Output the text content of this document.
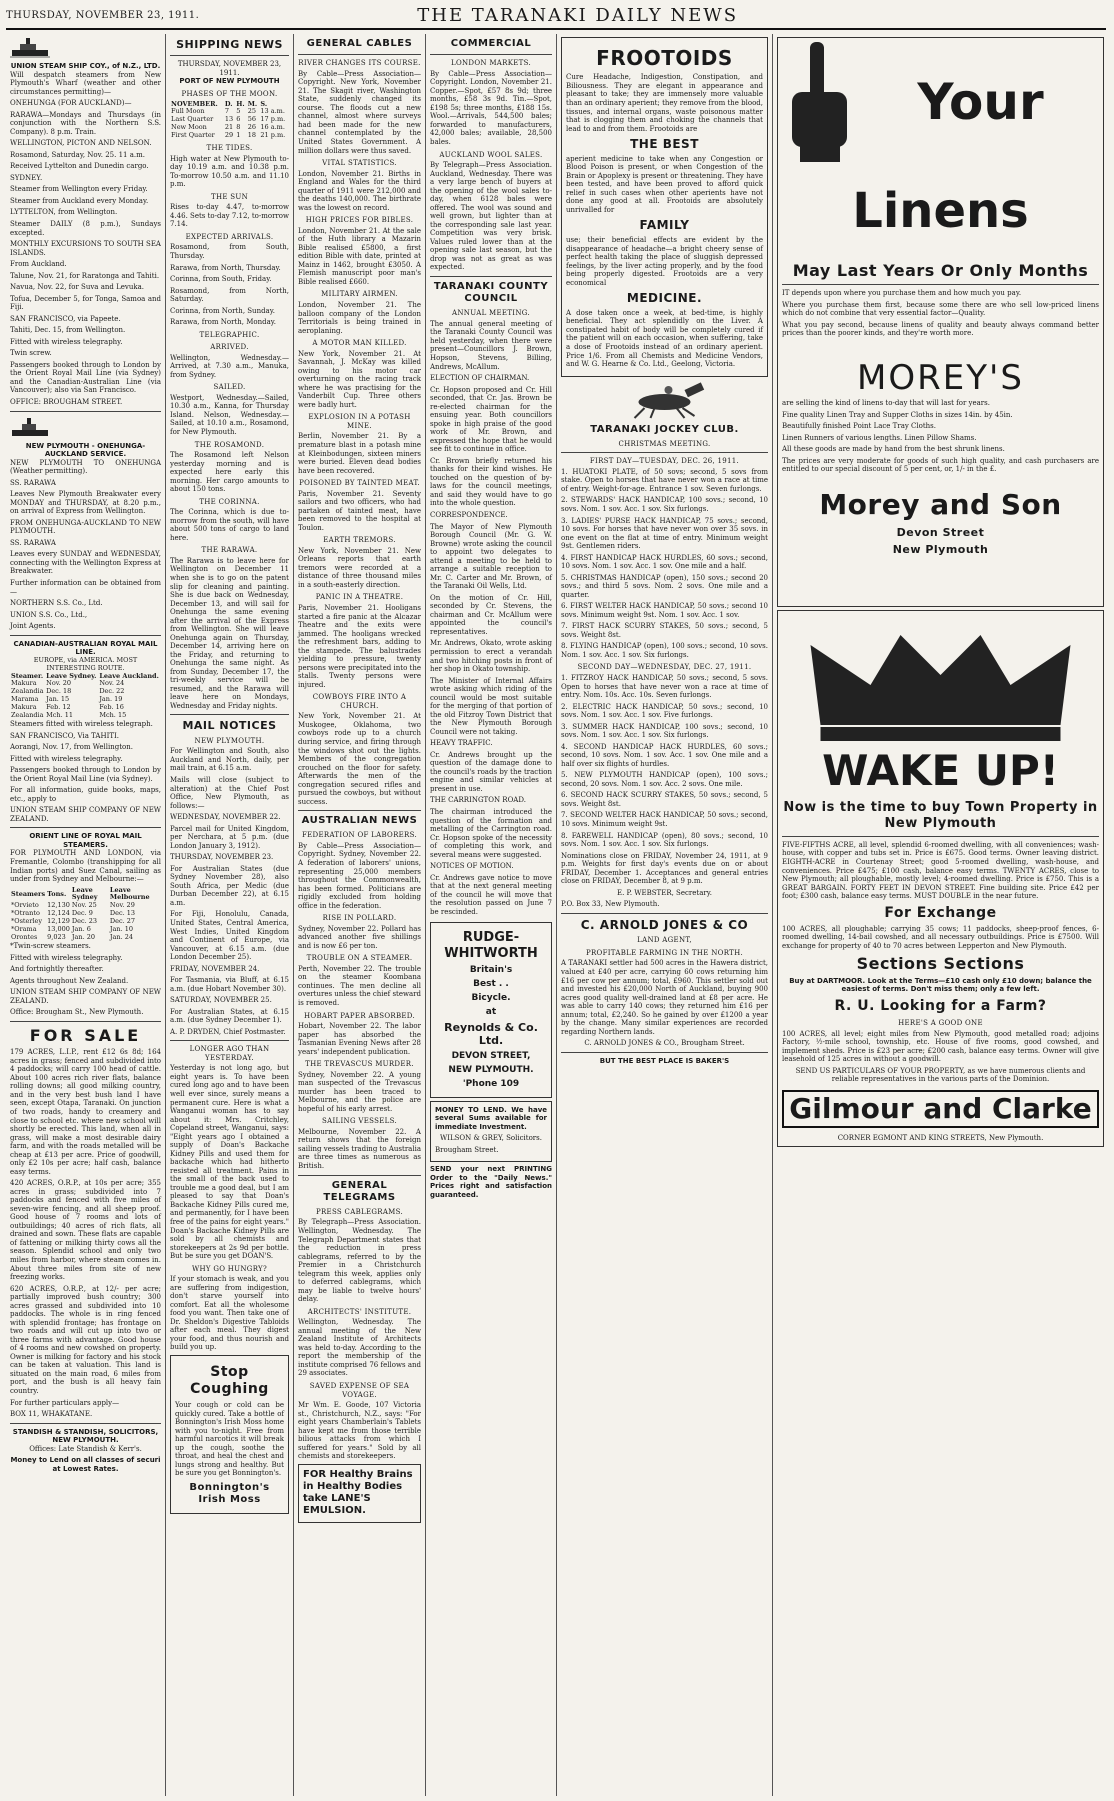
THURSDAY, NOVEMBER 23, 1911.	THE TARANAKI DAILY NEWS
UNION STEAM SHIP COY., of N.Z., LTD.

Will despatch steamers from New Plymouth's Wharf (weather and other circumstances permitting)—

ONEHUNGA (FOR AUCKLAND)—

RARAWA—Mondays and Thursdays (in conjunction with the Northern S.S. Company). 8 p.m. Train.

WELLINGTON, PICTON AND NELSON.

Rosamond, Saturday, Nov. 25. 11 a.m.

Received Lyttelton and Dunedin cargo.

SYDNEY.

Steamer from Wellington every Friday.

Steamer from Auckland every Monday.

LYTTELTON, from Wellington.

Steamer DAILY (8 p.m.), Sundays excepted.

MONTHLY EXCURSIONS TO SOUTH SEA ISLANDS.

From Auckland.

Talune, Nov. 21, for Raratonga and Tahiti.

Navua, Nov. 22, for Suva and Levuka.

Tofua, December 5, for Tonga, Samoa and Fiji.

SAN FRANCISCO, via Papeete.

Tahiti, Dec. 15, from Wellington.

Fitted with wireless telegraphy.

Twin screw.

Passengers booked through to London by the Orient Royal Mail Line (via Sydney) and the Canadian-Australian Line (via Vancouver); also via San Francisco.

OFFICE: BROUGHAM STREET.

NEW PLYMOUTH - ONEHUNGA-AUCKLAND SERVICE.

NEW PLYMOUTH TO ONEHUNGA (Weather permitting).

SS. RARAWA

Leaves New Plymouth Breakwater every MONDAY and THURSDAY, at 8.20 p.m., on arrival of Express from Wellington.

FROM ONEHUNGA-AUCKLAND TO NEW PLYMOUTH.

SS. RARAWA

Leaves every SUNDAY and WEDNESDAY, connecting with the Wellington Express at Breakwater.

Further information can be obtained from—

NORTHERN S.S. Co., Ltd.

UNION S.S. Co., Ltd.,

Joint Agents.

CANADIAN-AUSTRALIAN ROYAL MAIL LINE.
EUROPE, via AMERICA. MOST INTERESTING ROUTE.
Steamer.	Leave Sydney.	Leave Auckland.
Makura	Nov. 20	Nov. 24
Zealandia	Dec. 18	Dec. 22
Marama	Jan. 15	Jan. 19
Makura	Feb. 12	Feb. 16
Zealandia	Mch. 11	Mch. 15

Steamers fitted with wireless telegraph.

SAN FRANCISCO, Via TAHITI.

Aorangi, Nov. 17, from Wellington.

Fitted with wireless telegraphy.

Passengers booked through to London by the Orient Royal Mail Line (via Sydney).

For all information, guide books, maps, etc., apply to

UNION STEAM SHIP COMPANY OF NEW ZEALAND.

ORIENT LINE OF ROYAL MAIL STEAMERS.

FOR PLYMOUTH AND LONDON, via Fremantle, Colombo (transhipping for all Indian ports) and Suez Canal, sailing as under from Sydney and Melbourne:—

Steamers	Tons.	Leave Sydney	Leave Melbourne
*Orvieto	12,130	Nov. 25	Nov. 29
*Otranto	12,124	Dec. 9	Dec. 13
*Osterley	12,129	Dec. 23	Dec. 27
*Orama	13,000	Jan. 6	Jan. 10
Orontes	9,023	Jan. 20	Jan. 24

*Twin-screw steamers.

Fitted with wireless telegraphy.

And fortnightly thereafter.

Agents throughout New Zealand.

UNION STEAM SHIP COMPANY OF NEW ZEALAND.

Office: Brougham St., New Plymouth.

FOR SALE

179 ACRES, L.I.P., rent £12 6s 8d; 164 acres in grass; fenced and subdivided into 4 paddocks; will carry 100 head of cattle. About 100 acres rich river flats, balance rolling downs; all good milking country, and in the very best bush land I have seen, except Otapa, Taranaki. On junction of two roads, handy to creamery and close to school etc. where new school will shortly be erected. This land, when all in grass, will make a most desirable dairy farm, and with the roads metalled will be cheap at £13 per acre. Price of goodwill, only £2 10s per acre; half cash, balance easy terms.

420 ACRES, O.R.P., at 10s per acre; 355 acres in grass; subdivided into 7 paddocks and fenced with five miles of seven-wire fencing, and all sheep proof. Good house of 7 rooms and lots of outbuildings; 40 acres of rich flats, all drained and sown. These flats are capable of fattening or milking thirty cows all the season. Splendid school and only two miles from harbor, where steam comes in. About three miles from site of new freezing works.

620 ACRES, O.R.P., at 12/- per acre; partially improved bush country; 300 acres grassed and subdivided into 10 paddocks. The whole is in ring fenced with splendid frontage; has frontage on two roads and will cut up into two or three farms with advantage. Good house of 4 rooms and new cowshed on property. Owner is milking for factory and his stock can be taken at valuation. This land is situated on the main road, 6 miles from port, and the bush is all heavy fain country.

For further particulars apply—

BOX 11, WHAKATANE.

STANDISH & STANDISH, SOLICITORS, NEW PLYMOUTH.

Offices: Late Standish & Kerr's.

Money to Lend on all classes of securi at Lowest Rates.

SHIPPING NEWS
THURSDAY, NOVEMBER 23, 1911.
PORT OF NEW PLYMOUTH
PHASES OF THE MOON.
NOVEMBER.	D.	H.	M.	S.
Full Moon	7	5	25	13 a.m.
Last Quarter	13	6	56	17 p.m.
New Moon	21	8	26	16 a.m.
First Quarter	29	1	18	21 p.m.
THE TIDES.

High water at New Plymouth to-day 10.19 a.m. and 10.38 p.m. To-morrow 10.50 a.m. and 11.10 p.m.

THE SUN

Rises to-day 4.47, to-morrow 4.46. Sets to-day 7.12, to-morrow 7.14.

EXPECTED ARRIVALS.

Rosamond, from South, Thursday.

Rarawa, from North, Thursday.

Corinna, from South, Friday.

Rosamond, from North, Saturday.

Corinna, from North, Sunday.

Rarawa, from North, Monday.

TELEGRAPHIC.
ARRIVED.

Wellington, Wednesday.—Arrived, at 7.30 a.m., Manuka, from Sydney.

SAILED.

Westport, Wednesday.—Sailed, 10.30 a.m., Kanna, for Thursday Island. Nelson, Wednesday.—Sailed, at 10.10 a.m., Rosamond, for New Plymouth.

THE ROSAMOND.

The Rosamond left Nelson yesterday morning and is expected here early this morning. Her cargo amounts to about 150 tons.

THE CORINNA.

The Corinna, which is due to-morrow from the south, will have about 500 tons of cargo to land here.

THE RARAWA.

The Rarawa is to leave here for Wellington on December 11 when she is to go on the patent slip for cleaning and painting. She is due back on Wednesday, December 13, and will sail for Onehunga the same evening after the arrival of the Express from Wellington. She will leave Onehunga again on Thursday, December 14, arriving here on the Friday, and returning to Onehunga the same night. As from Sunday, December 17, the tri-weekly service will be resumed, and the Rarawa will leave here on Mondays, Wednesday and Friday nights.

MAIL NOTICES
NEW PLYMOUTH.

For Wellington and South, also Auckland and North, daily, per mail train, at 6.15 a.m.

Mails will close (subject to alteration) at the Chief Post Office, New Plymouth, as follows:—

WEDNESDAY, NOVEMBER 22.

Parcel mail for United Kingdom, per Nerchara, at 5 p.m. (due London January 3, 1912).

THURSDAY, NOVEMBER 23.

For Australian States (due Sydney November 28), also South Africa, per Medic (due Durban December 22), at 6.15 a.m.

For Fiji, Honolulu, Canada, United States, Central America, West Indies, United Kingdom and Continent of Europe, via Vancouver, at 6.15 a.m. (due London December 25).

FRIDAY, NOVEMBER 24.

For Tasmania, via Bluff, at 6.15 a.m. (due Hobart November 30).

SATURDAY, NOVEMBER 25.

For Australian States, at 6.15 a.m. (due Sydney December 1).

A. P. DRYDEN, Chief Postmaster.

LONGER AGO THAN YESTERDAY.

Yesterday is not long ago, but eight years is. To have been cured long ago and to have been well ever since, surely means a permanent cure. Here is what a Wanganui woman has to say about it: Mrs. Critchley, Copeland street, Wanganui, says: "Eight years ago I obtained a supply of Doan's Backache Kidney Pills and used them for backache which had hitherto resisted all treatment. Pains in the small of the back used to trouble me a good deal, but I am pleased to say that Doan's Backache Kidney Pills cured me, and permanently, for I have been free of the pains for eight years." Doan's Backache Kidney Pills are sold by all chemists and storekeepers at 2s 9d per bottle. But be sure you get DOAN'S.

WHY GO HUNGRY?

If your stomach is weak, and you are suffering from indigestion, don't starve yourself into comfort. Eat all the wholesome food you want. Then take one of Dr. Sheldon's Digestive Tabloids after each meal. They digest your food, and thus nourish and build you up.

Stop Coughing

Your cough or cold can be quickly cured. Take a bottle of Bonnington's Irish Moss home with you to-night. Free from harmful narcotics it will break up the cough, soothe the throat, and heal the chest and lungs strong and healthy. But be sure you get Bonnington's.

Bonnington's Irish Moss
GENERAL CABLES
RIVER CHANGES ITS COURSE.

By Cable—Press Association—Copyright. New York, November 21. The Skagit river, Washington State, suddenly changed its course. The floods cut a new channel, almost where surveys had been made for the new channel contemplated by the United States Government. A million dollars were thus saved.

VITAL STATISTICS.

London, November 21. Births in England and Wales for the third quarter of 1911 were 212,000 and the deaths 140,000. The birthrate was the lowest on record.

HIGH PRICES FOR BIBLES.

London, November 21. At the sale of the Huth library a Mazarin Bible realised £5800, a first edition Bible with date, printed at Mainz in 1462, brought £3050. A Flemish manuscript poor man's Bible realised £660.

MILITARY AIRMEN.

London, November 21. The balloon company of the London Territorials is being trained in aeroplaning.

A MOTOR MAN KILLED.

New York, November 21. At Savannah, J. McKay was killed owing to his motor car overturning on the racing track where he was practising for the Vanderbilt Cup. Three others were badly hurt.

EXPLOSION IN A POTASH MINE.

Berlin, November 21. By a premature blast in a potash mine at Kleinbodungen, sixteen miners were buried. Eleven dead bodies have been recovered.

POISONED BY TAINTED MEAT.

Paris, November 21. Seventy sailors and two officers, who had partaken of tainted meat, have been removed to the hospital at Toulon.

EARTH TREMORS.

New York, November 21. New Orleans reports that earth tremors were recorded at a distance of three thousand miles in a south-easterly direction.

PANIC IN A THEATRE.

Paris, November 21. Hooligans started a fire panic at the Alcazar Theatre and the exits were jammed. The hooligans wrecked the refreshment bars, adding to the stampede. The balustrades yielding to pressure, twenty persons were precipitated into the stalls. Twenty persons were injured.

COWBOYS FIRE INTO A CHURCH.

New York, November 21. At Muskogee, Oklahoma, two cowboys rode up to a church during service, and firing through the windows shot out the lights. Members of the congregation crouched on the floor for safety. Afterwards the men of the congregation secured rifles and pursued the cowboys, but without success.

AUSTRALIAN NEWS
FEDERATION OF LABORERS.

By Cable—Press Association—Copyright. Sydney, November 22. A federation of laborers' unions, representing 25,000 members throughout the Commonwealth, has been formed. Politicians are rigidly excluded from holding office in the federation.

RISE IN POLLARD.

Sydney, November 22. Pollard has advanced another five shillings and is now £6 per ton.

TROUBLE ON A STEAMER.

Perth, November 22. The trouble on the steamer Koombana continues. The men decline all overtures unless the chief steward is removed.

HOBART PAPER ABSORBED.

Hobart, November 22. The labor paper has absorbed the Tasmanian Evening News after 28 years' independent publication.

THE TREVASCUS MURDER.

Sydney, November 22. A young man suspected of the Trevascus murder has been traced to Melbourne, and the police are hopeful of his early arrest.

SAILING VESSELS.

Melbourne, November 22. A return shows that the foreign sailing vessels trading to Australia are three times as numerous as British.

GENERAL TELEGRAMS
PRESS CABLEGRAMS.

By Telegraph—Press Association. Wellington, Wednesday. The Telegraph Department states that the reduction in press cablegrams, referred to by the Premier in a Christchurch telegram this week, applies only to deferred cablegrams, which may be liable to twelve hours' delay.

ARCHITECTS' INSTITUTE.

Wellington, Wednesday. The annual meeting of the New Zealand Institute of Architects was held to-day. According to the report the membership of the institute comprised 76 fellows and 29 associates.

SAVED EXPENSE OF SEA VOYAGE.

Mr Wm. E. Goode, 107 Victoria st., Christchurch, N.Z., says: "For eight years Chamberlain's Tablets have kept me from those terrible bilious attacks from which I suffered for years." Sold by all chemists and storekeepers.

FOR Healthy Brains in Healthy Bodies take LANE'S EMULSION.
COMMERCIAL
LONDON MARKETS.

By Cable—Press Association—Copyright. London, November 21. Copper.—Spot, £57 8s 9d; three months, £58 3s 9d. Tin.—Spot, £198 5s; three months, £188 15s. Wool.—Arrivals, 544,500 bales; forwarded to manufacturers, 42,000 bales; available, 28,500 bales.

AUCKLAND WOOL SALES.

By Telegraph—Press Association. Auckland, Wednesday. There was a very large bench of buyers at the opening of the wool sales to-day, when 6128 bales were offered. The wool was sound and well grown, but lighter than at the corresponding sale last year. Competition was very brisk. Values ruled lower than at the opening sale last season, but the drop was not as great as was expected.

TARANAKI COUNTY COUNCIL
ANNUAL MEETING.

The annual general meeting of the Taranaki County Council was held yesterday, when there were present—Councillors J. Brown, Hopson, Stevens, Billing, Andrews, McAllum.

ELECTION OF CHAIRMAN.

Cr. Hopson proposed and Cr. Hill seconded, that Cr. Jas. Brown be re-elected chairman for the ensuing year. Both councillors spoke in high praise of the good work of Mr. Brown, and expressed the hope that he would see fit to continue in office.

Cr. Brown briefly returned his thanks for their kind wishes. He touched on the question of by-laws for the council meetings, and said they would have to go into the whole question.

CORRESPONDENCE.

The Mayor of New Plymouth Borough Council (Mr. G. W. Browne) wrote asking the council to appoint two delegates to attend a meeting to be held to arrange a suitable reception to Mr. C. Carter and Mr. Brown, of the Taranaki Oil Wells, Ltd.

On the motion of Cr. Hill, seconded by Cr. Stevens, the chairman and Cr. McAllum were appointed the council's representatives.

Mr. Andrews, Okato, wrote asking permission to erect a verandah and two hitching posts in front of her shop in Okato township.

The Minister of Internal Affairs wrote asking which riding of the council would be most suitable for the merging of that portion of the old Fitzroy Town District that the New Plymouth Borough Council were not taking.

HEAVY TRAFFIC.

Cr. Andrews brought up the question of the damage done to the council's roads by the traction engine and similar vehicles at present in use.

THE CARRINGTON ROAD.

The chairman introduced the question of the formation and metalling of the Carrington road. Cr. Hopson spoke of the necessity of completing this work, and several means were suggested.

NOTICES OF MOTION.

Cr. Andrews gave notice to move that at the next general meeting of the council he will move that the resolution passed on June 7 be rescinded.

RUDGE-WHITWORTH
Britain's
Best . .
Bicycle.
at
Reynolds & Co. Ltd.
DEVON STREET,
NEW PLYMOUTH.
'Phone 109

MONEY TO LEND. We have several Sums available for immediate Investment.

WILSON & GREY, Solicitors.

Brougham Street.

SEND your next PRINTING Order to the "Daily News." Prices right and satisfaction guaranteed.

FROOTOIDS

Cure Headache, Indigestion, Constipation, and Biliousness. They are elegant in appearance and pleasant to take; they are immensely more valuable than an ordinary aperient; they remove from the blood, tissues, and internal organs, waste poisonous matter that is clogging them and choking the channels that lead to and from them. Frootoids are

THE BEST

aperient medicine to take when any Congestion or Blood Poison is present, or when Congestion of the Brain or Apoplexy is present or threatening. They have been tested, and have been proved to afford quick relief in such cases when other aperients have not done any good at all. Frootoids are absolutely unrivalled for

FAMILY

use; their beneficial effects are evident by the disappearance of headache—a bright cheery sense of perfect health taking the place of sluggish depressed feelings, by the liver acting properly, and by the food being properly digested. Frootoids are a very economical

MEDICINE.

A dose taken once a week, at bed-time, is highly beneficial. They act splendidly on the Liver. A constipated habit of body will be completely cured if the patient will on each occasion, when suffering, take a dose of Frootoids instead of an ordinary aperient. Price 1/6. From all Chemists and Medicine Vendors, and W. G. Hearne & Co. Ltd., Geelong, Victoria.

TARANAKI JOCKEY CLUB.
CHRISTMAS MEETING.
FIRST DAY—TUESDAY, DEC. 26, 1911.

1. HUATOKI PLATE, of 50 sovs; second, 5 sovs from stake. Open to horses that have never won a race at time of entry. Weight-for-age. Entrance 1 sov. Seven furlongs.

2. STEWARDS' HACK HANDICAP, 100 sovs.; second, 10 sovs. Nom. 1 sov. Acc. 1 sov. Six furlongs.

3. LADIES' PURSE HACK HANDICAP, 75 sovs.; second, 10 sovs. For horses that have never won over 35 sovs. in one event on the flat at time of entry. Minimum weight 9st. Gentlemen riders.

4. FIRST HANDICAP HACK HURDLES, 60 sovs.; second, 10 sovs. Nom. 1 sov. Acc. 1 sov. One mile and a half.

5. CHRISTMAS HANDICAP (open), 150 sovs.; second 20 sovs.; and third 5 sovs. Nom. 2 sovs. One mile and a quarter.

6. FIRST WELTER HACK HANDICAP, 50 sovs.; second 10 sovs. Minimum weight 9st. Nom. 1 sov. Acc. 1 sov.

7. FIRST HACK SCURRY STAKES, 50 sovs.; second, 5 sovs. Weight 8st.

8. FLYING HANDICAP (open), 100 sovs.; second, 10 sovs. Nom. 1 sov. Acc. 1 sov. Six furlongs.

SECOND DAY—WEDNESDAY, DEC. 27, 1911.

1. FITZROY HACK HANDICAP, 50 sovs.; second, 5 sovs. Open to horses that have never won a race at time of entry. Nom. 10s. Acc. 10s. Seven furlongs.

2. ELECTRIC HACK HANDICAP, 50 sovs.; second, 10 sovs. Nom. 1 sov. Acc. 1 sov. Five furlongs.

3. SUMMER HACK HANDICAP, 100 sovs.; second, 10 sovs. Nom. 1 sov. Acc. 1 sov. Six furlongs.

4. SECOND HANDICAP HACK HURDLES, 60 sovs.; second, 10 sovs. Nom. 1 sov. Acc. 1 sov. One mile and a half over six flights of hurdles.

5. NEW PLYMOUTH HANDICAP (open), 100 sovs.; second, 20 sovs. Nom. 1 sov. Acc. 2 sovs. One mile.

6. SECOND HACK SCURRY STAKES, 50 sovs.; second, 5 sovs. Weight 8st.

7. SECOND WELTER HACK HANDICAP, 50 sovs.; second, 10 sovs. Minimum weight 9st.

8. FAREWELL HANDICAP (open), 80 sovs.; second, 10 sovs. Nom. 1 sov. Acc. 1 sov. Six furlongs.

Nominations close on FRIDAY, November 24, 1911, at 9 p.m. Weights for first day's events due on or about FRIDAY, December 1. Acceptances and general entries close on FRIDAY, December 8, at 9 p.m.

E. P. WEBSTER, Secretary.

P.O. Box 33, New Plymouth.

C. ARNOLD JONES & CO
LAND AGENT,
PROFITABLE FARMING IN THE NORTH.

A TARANAKI settler had 500 acres in the Hawera district, valued at £40 per acre, carrying 60 cows returning him £16 per cow per annum; total, £960. This settler sold out and invested his £20,000 North of Auckland, buying 900 acres good quality well-drained land at £8 per acre. He was able to carry 140 cows; they returned him £16 per annum; total, £2,240. So he gained by over £1200 a year by the change. Many similar experiences are recorded regarding Northern lands.

C. ARNOLD JONES & CO., Brougham Street.

BUT THE BEST PLACE IS BAKER'S

Your
Linens
May Last Years Or Only Months

IT depends upon where you purchase them and how much you pay.

Where you purchase them first, because some there are who sell low-priced linens which do not combine that very essential factor—Quality.

What you pay second, because linens of quality and beauty always command better prices than the poorer kinds, and they're worth more.

MOREY'S

are selling the kind of linens to-day that will last for years.

Fine quality Linen Tray and Supper Cloths in sizes 14in. by 45in.

Beautifully finished Point Lace Tray Cloths.

Linen Runners of various lengths. Linen Pillow Shams.

All these goods are made by hand from the best shrunk linens.

The prices are very moderate for goods of such high quality, and cash purchasers are entitled to our special discount of 5 per cent, or, 1/- in the £.

Morey and Son
Devon Street
New Plymouth
WAKE UP!
Now is the time to buy Town Property in New Plymouth

FIVE-FIFTHS ACRE, all level, splendid 6-roomed dwelling, with all conveniences; wash-house, with copper and tubs set in. Price is £675. Good terms. Owner leaving district. EIGHTH-ACRE in Courtenay Street; good 5-roomed dwelling, wash-house, and conveniences. Price £475; £100 cash, balance easy terms. TWENTY ACRES, close to New Plymouth; all ploughable, mostly level; 4-roomed dwelling. Price is £750. This is a GREAT BARGAIN. FORTY FEET IN DEVON STREET. Fine building site. Price £42 per foot; £300 cash, balance easy terms. MUST DOUBLE in the near future.

For Exchange

100 ACRES, all ploughable; carrying 35 cows; 11 paddocks, sheep-proof fences, 6-roomed dwelling, 14-bail cowshed, and all necessary outbuildings. Price is £7500. Will exchange for property of 40 to 70 acres between Lepperton and New Plymouth.

Sections Sections

Buy at DARTMOOR. Look at the Terms—£10 cash only £10 down; balance the easiest of terms. Don't miss them; only a few left.

R. U. Looking for a Farm?
HERE'S A GOOD ONE

100 ACRES, all level; eight miles from New Plymouth, good metalled road; adjoins Factory, ½-mile school, township, etc. House of five rooms, good cowshed, and implement sheds. Price is £23 per acre; £200 cash, balance easy terms. Owner will give leasehold of 125 acres in without a goodwill.

SEND US PARTICULARS OF YOUR PROPERTY, as we have numerous clients and reliable representatives in the various parts of the Dominion.

Gilmour and Clarke
CORNER EGMONT AND KING STREETS, New Plymouth.
